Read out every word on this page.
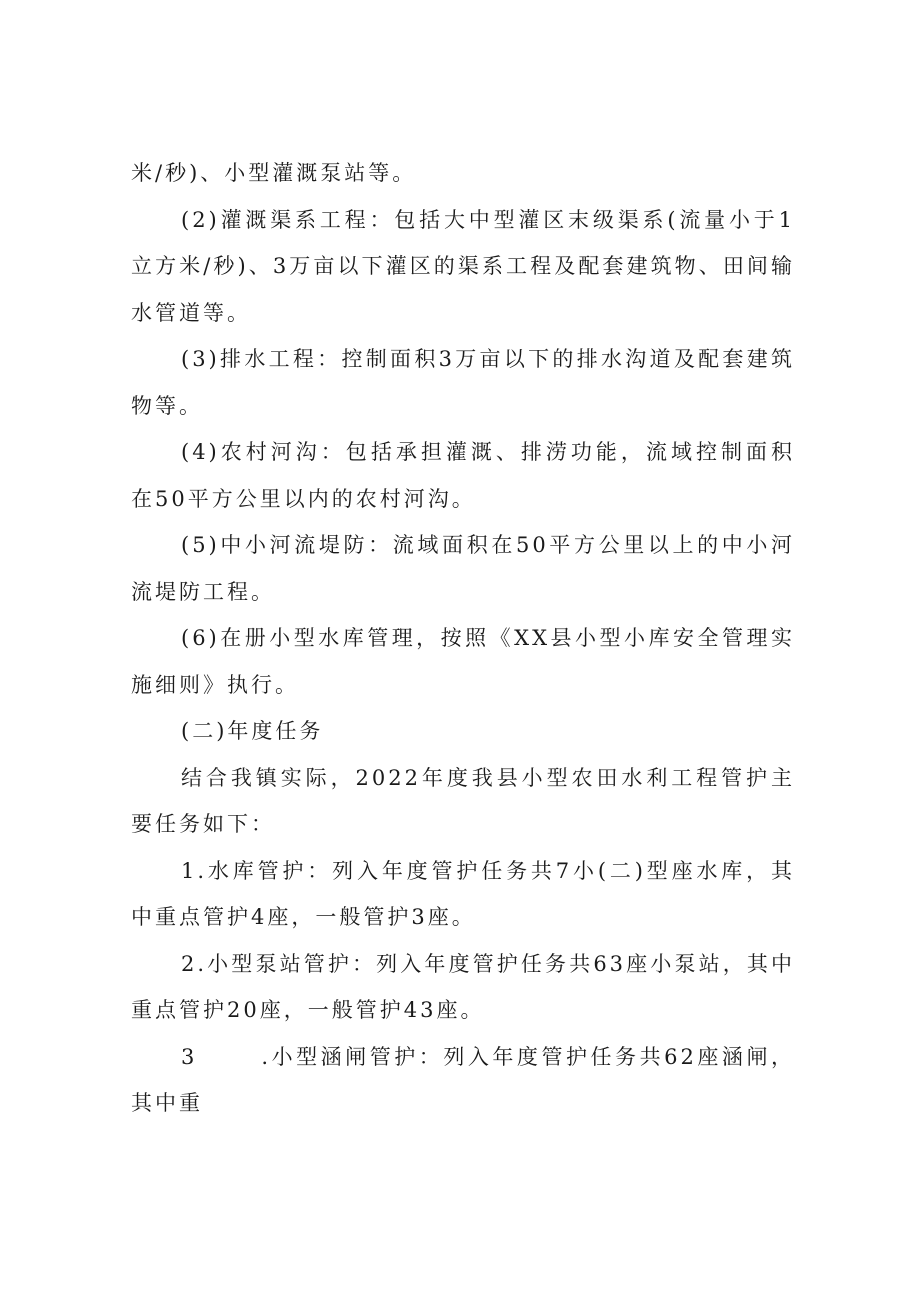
米/秒)、小型灌溉泵站等。

(2)灌溉渠系工程：包括大中型灌区末级渠系(流量小于1立方米/秒)、3万亩以下灌区的渠系工程及配套建筑物、田间输水管道等。

(3)排水工程：控制面积3万亩以下的排水沟道及配套建筑物等。

(4)农村河沟：包括承担灌溉、排涝功能，流域控制面积在50平方公里以内的农村河沟。

(5)中小河流堤防：流域面积在50平方公里以上的中小河流堤防工程。

(6)在册小型水库管理，按照《XX县小型小库安全管理实施细则》执行。

(二)年度任务

结合我镇实际，2022年度我县小型农田水利工程管护主要任务如下：

1.水库管护：列入年度管护任务共7小(二)型座水库，其中重点管护4座，一般管护3座。

2.小型泵站管护：列入年度管护任务共63座小泵站，其中重点管护20座，一般管护43座。

3	.小型涵闸管护：列入年度管护任务共62座涵闸，其中重
